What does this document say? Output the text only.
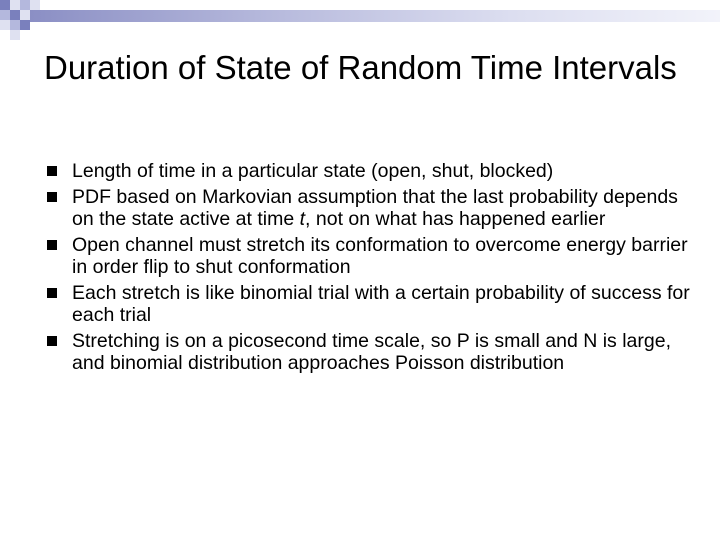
Duration of State of Random Time Intervals
Length of time in a particular state (open, shut, blocked)
PDF based on Markovian assumption that the last probability depends on the state active at time t, not on what has happened earlier
Open channel must stretch its conformation to overcome energy barrier in order flip to shut conformation
Each stretch is like binomial trial with a certain probability of success for each trial
Stretching is on a picosecond time scale, so P is small and N is large, and binomial distribution approaches Poisson distribution
